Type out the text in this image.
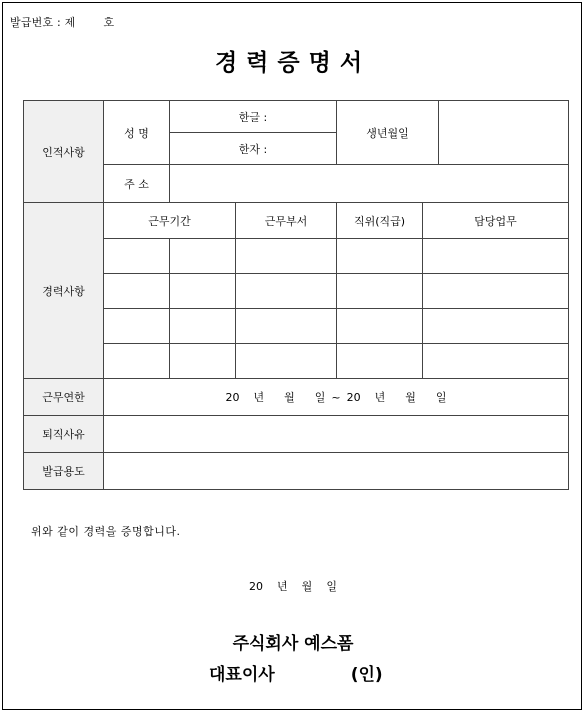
발급번호 : 제	호
경력증명서
인적사항	성 명	한글 :		생년월일		
		한자 :				
	주 소					
경력사항	근무기간		근무부서	직위(직급)	담당업무	

근무연한	20 년 월 일 ~ 20 년 월 일					
퇴직사유						
발급용도						
위와 같이 경력을 증명합니다.
20 년 월 일
주식회사 예스폼
대표이사	(인)
